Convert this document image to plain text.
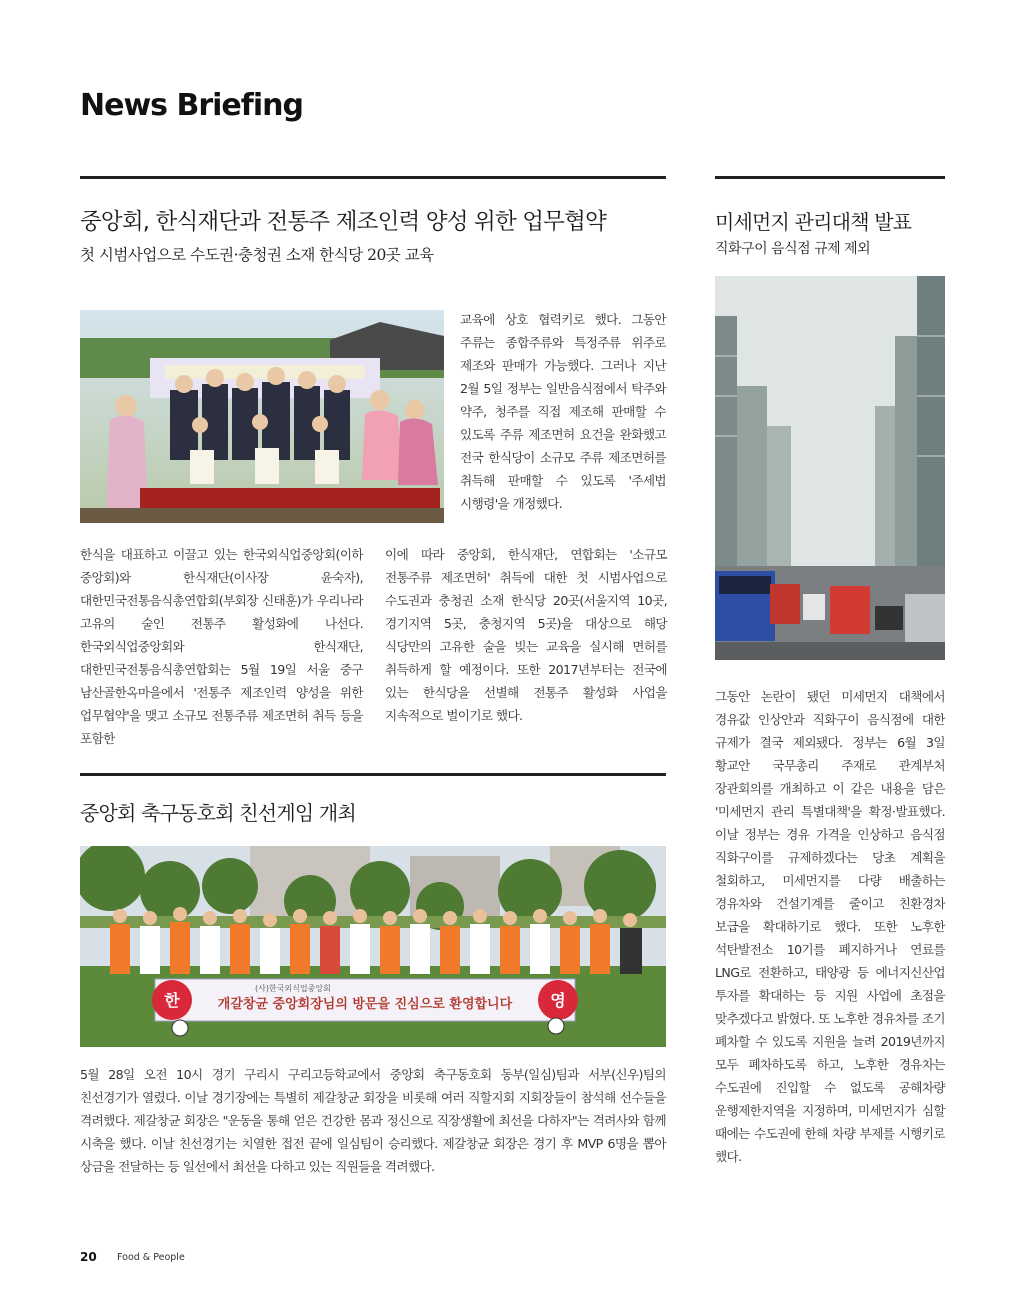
News Briefing
중앙회, 한식재단과 전통주 제조인력 양성 위한 업무협약
첫 시범사업으로 수도권·충청권 소재 한식당 20곳 교육
교육에 상호 협력키로 했다. 그동안 주류는 종합주류와 특정주류 위주로 제조와 판매가 가능했다. 그러나 지난 2월 5일 정부는 일반음식점에서 탁주와 약주, 청주를 직접 제조해 판매할 수 있도록 주류 제조면허 요건을 완화했고 전국 한식당이 소규모 주류 제조면허를 취득해 판매할 수 있도록 '주세법 시행령'을 개정했다.
한식을 대표하고 이끌고 있는 한국외식업중앙회(이하 중앙회)와 한식재단(이사장 윤숙자), 대한민국전통음식총연합회(부회장 신태훈)가 우리나라 고유의 술인 전통주 활성화에 나선다. 한국외식업중앙회와 한식재단, 대한민국전통음식총연합회는 5월 19일 서울 중구 남산골한옥마을에서 '전통주 제조인력 양성을 위한 업무협약'을 맺고 소규모 전통주류 제조면허 취득 등을 포함한
이에 따라 중앙회, 한식재단, 연합회는 '소규모 전통주류 제조면허' 취득에 대한 첫 시범사업으로 수도권과 충청권 소재 한식당 20곳(서울지역 10곳, 경기지역 5곳, 충청지역 5곳)을 대상으로 해당 식당만의 고유한 술을 빚는 교육을 실시해 면허를 취득하게 할 예정이다. 또한 2017년부터는 전국에 있는 한식당을 선별해 전통주 활성화 사업을 지속적으로 벌이기로 했다.
중앙회 축구동호회 친선게임 개최
한	영
(사)한국외식업중앙회
개갈창균 중앙회장님의 방문을 진심으로 환영합니다
5월 28일 오전 10시 경기 구리시 구리고등학교에서 중앙회 축구동호회 동부(일심)팀과 서부(신우)팀의 친선경기가 열렸다. 이날 경기장에는 특별히 제갈창균 회장을 비롯해 여러 직할지회 지회장들이 참석해 선수들을 격려했다. 제갈창균 회장은 "운동을 통해 얻은 건강한 몸과 정신으로 직장생활에 최선을 다하자"는 격려사와 함께 시축을 했다. 이날 친선경기는 치열한 접전 끝에 일심팀이 승리했다. 제갈창균 회장은 경기 후 MVP 6명을 뽑아 상금을 전달하는 등 일선에서 최선을 다하고 있는 직원들을 격려했다.
미세먼지 관리대책 발표
직화구이 음식점 규제 제외
그동안 논란이 됐던 미세먼지 대책에서 경유값 인상안과 직화구이 음식점에 대한 규제가 결국 제외됐다. 정부는 6월 3일 황교안 국무총리 주재로 관계부처 장관회의를 개최하고 이 같은 내용을 담은 '미세먼지 관리 특별대책'을 확정·발표했다. 이날 정부는 경유 가격을 인상하고 음식점 직화구이를 규제하겠다는 당초 계획을 철회하고, 미세먼지를 다량 배출하는 경유차와 건설기계를 줄이고 친환경차 보급을 확대하기로 했다. 또한 노후한 석탄발전소 10기를 폐지하거나 연료를 LNG로 전환하고, 태양광 등 에너지신산업 투자를 확대하는 등 지원 사업에 초점을 맞추겠다고 밝혔다. 또 노후한 경유차를 조기 폐차할 수 있도록 지원을 늘려 2019년까지 모두 폐차하도록 하고, 노후한 경유차는 수도권에 진입할 수 없도록 공해차량 운행제한지역을 지정하며, 미세먼지가 심할 때에는 수도권에 한해 차량 부제를 시행키로 했다.
20 Food & People
